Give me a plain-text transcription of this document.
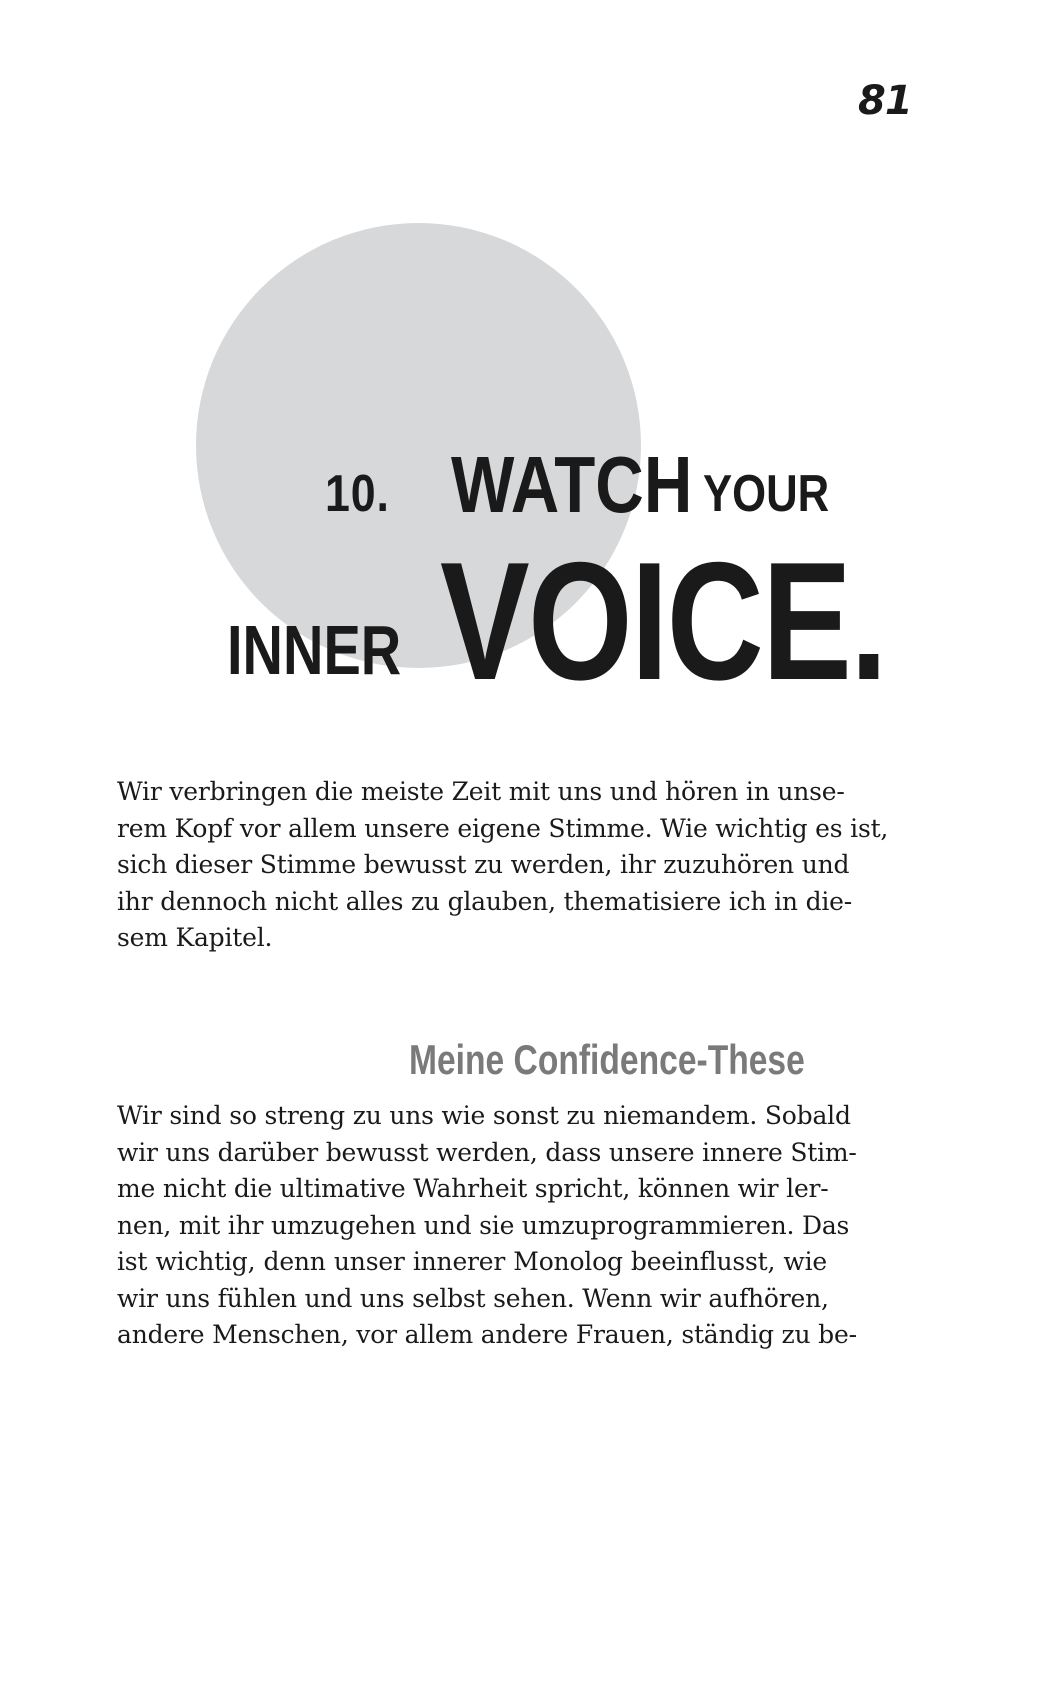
81
10. WATCH YOUR
INNER VOICE.
Wir verbringen die meiste Zeit mit uns und hören in unse-
rem Kopf vor allem unsere eigene Stimme. Wie wichtig es ist,
sich dieser Stimme bewusst zu werden, ihr zuzuhören und
ihr dennoch nicht alles zu glauben, thematisiere ich in die-
sem Kapitel.
Meine Confidence-These
Wir sind so streng zu uns wie sonst zu niemandem. Sobald
wir uns darüber bewusst werden, dass unsere innere Stim-
me nicht die ultimative Wahrheit spricht, können wir ler-
nen, mit ihr umzugehen und sie umzuprogrammieren. Das
ist wichtig, denn unser innerer Monolog beeinflusst, wie
wir uns fühlen und uns selbst sehen. Wenn wir aufhören,
andere Menschen, vor allem andere Frauen, ständig zu be-
